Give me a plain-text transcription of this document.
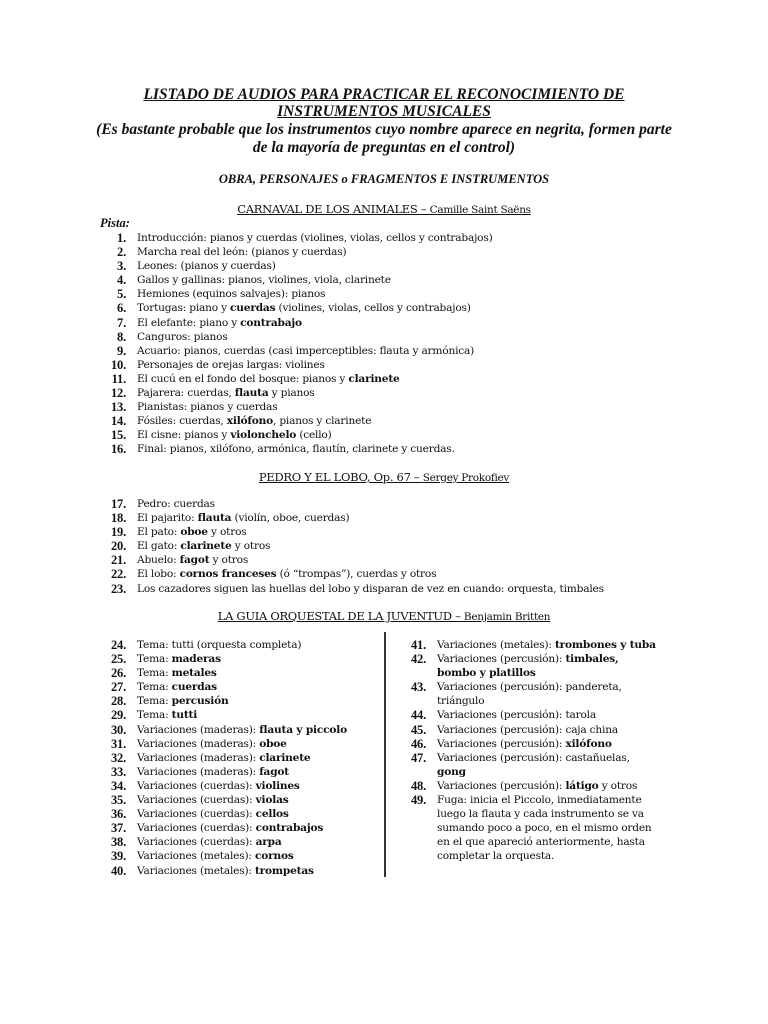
LISTADO DE AUDIOS PARA PRACTICAR EL RECONOCIMIENTO DE

INSTRUMENTOS MUSICALES

(Es bastante probable que los instrumentos cuyo nombre aparece en negrita, formen parte

de la mayoría de preguntas en el control)

OBRA, PERSONAJES o FRAGMENTOS E INSTRUMENTOS
CARNAVAL DE LOS ANIMALES – Camille Saint Saëns
Pista:
1. Introducción: pianos y cuerdas (violines, violas, cellos y contrabajos)
2. Marcha real del león: (pianos y cuerdas)
3. Leones: (pianos y cuerdas)
4. Gallos y gallinas: pianos, violines, viola, clarinete
5. Hemiones (equinos salvajes): pianos
6. Tortugas: piano y cuerdas (violines, violas, cellos y contrabajos)
7. El elefante: piano y contrabajo
8. Canguros: pianos
9. Acuario: pianos, cuerdas (casi imperceptibles: flauta y armónica)
10. Personajes de orejas largas: violines
11. El cucú en el fondo del bosque: pianos y clarinete
12. Pajarera: cuerdas, flauta y pianos
13. Pianistas: pianos y cuerdas
14. Fósiles: cuerdas, xilófono, pianos y clarinete
15. El cisne: pianos y violonchelo (cello)
16. Final: pianos, xilófono, armónica, flautín, clarinete y cuerdas.
PEDRO Y EL LOBO, Op. 67 – Sergey Prokofiev
17. Pedro: cuerdas
18. El pajarito: flauta (violín, oboe, cuerdas)
19. El pato: oboe y otros
20. El gato: clarinete y otros
21. Abuelo: fagot y otros
22. El lobo: cornos franceses (ó “trompas”), cuerdas y otros
23. Los cazadores siguen las huellas del lobo y disparan de vez en cuando: orquesta, timbales
LA GUIA ORQUESTAL DE LA JUVENTUD – Benjamin Britten
24. Tema: tutti (orquesta completa)
25. Tema: maderas
26. Tema: metales
27. Tema: cuerdas
28. Tema: percusión
29. Tema: tutti
30. Variaciones (maderas): flauta y piccolo
31. Variaciones (maderas): oboe
32. Variaciones (maderas): clarinete
33. Variaciones (maderas): fagot
34. Variaciones (cuerdas): violines
35. Variaciones (cuerdas): violas
36. Variaciones (cuerdas): cellos
37. Variaciones (cuerdas): contrabajos
38. Variaciones (cuerdas): arpa
39. Variaciones (metales): cornos
40. Variaciones (metales): trompetas
41. Variaciones (metales): trombones y tuba
42. Variaciones (percusión): timbales,
bombo y platillos
43. Variaciones (percusión): pandereta,
triángulo
44. Variaciones (percusión): tarola
45. Variaciones (percusión): caja china
46. Variaciones (percusión): xilófono
47. Variaciones (percusión): castañuelas,
gong
48. Variaciones (percusión): látigo y otros
49. Fuga: inicia el Piccolo, inmediatamente
luego la flauta y cada instrumento se va
sumando poco a poco, en el mismo orden
en el que apareció anteriormente, hasta
completar la orquesta.
